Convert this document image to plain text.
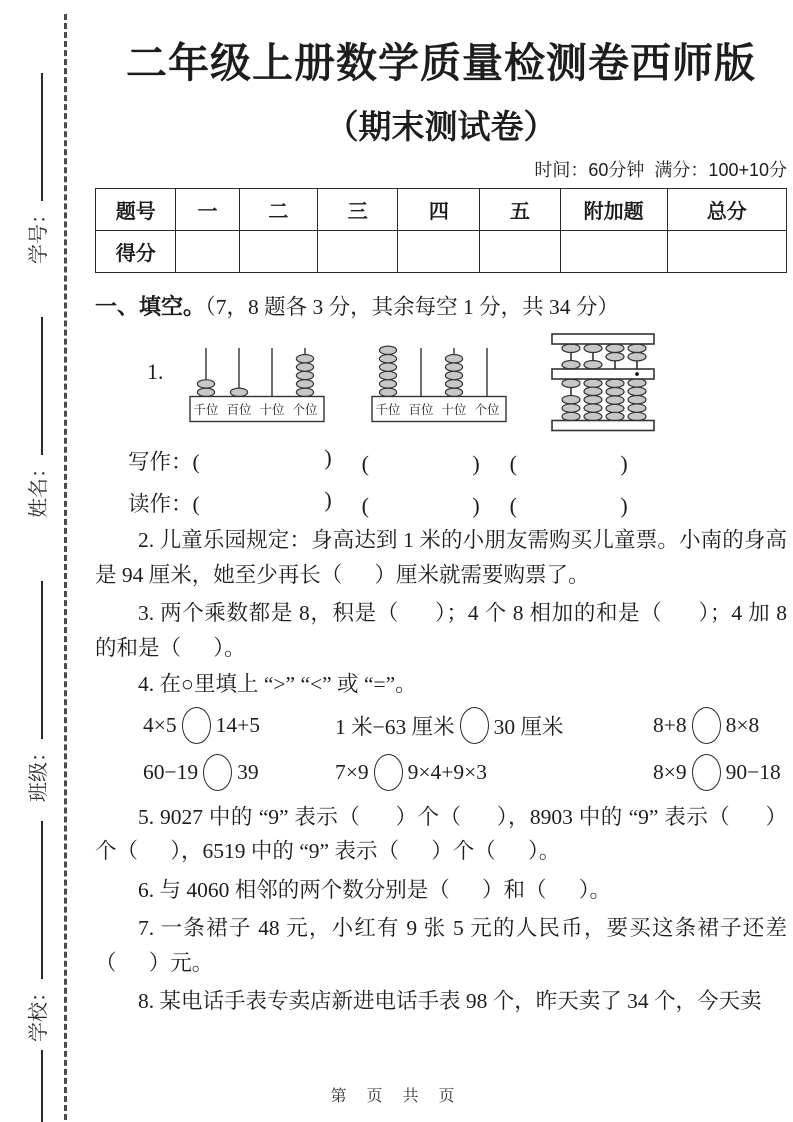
学号：
姓名：
班级：
学校：
二年级上册数学质量检测卷西师版
（期末测试卷）
时间：60分钟  满分：100+10分
题号	一	二	三	四	五	附加题	总分
得分							
一、填空。（7，8 题各 3 分，其余每空 1 分，共 34 分）
1.
千位 百位 十位 个位	千位 百位 十位 个位
写作：(	) (	) (	)
读作：(	) (	) (	)

2. 儿童乐园规定：身高达到 1 米的小朋友需购买儿童票。小南的身高是 94 厘米，她至少再长（      ）厘米就需要购票了。

3. 两个乘数都是 8，积是（      ）；4 个 8 相加的和是（      ）；4 加 8 的和是（      ）。

4. 在○里填上 “>” “<” 或 “=”。

4×5 14+5	1 米−63 厘米 30 厘米	8+8 8×8
60−19 39	7×9 9×4+9×3	8×9 90−18

5. 9027 中的 “9” 表示（      ）个（      ），8903 中的 “9” 表示（      ）个（      ），6519 中的 “9” 表示（      ）个（      ）。

6. 与 4060 相邻的两个数分别是（      ）和（      ）。

7. 一条裙子 48 元，小红有 9 张 5 元的人民币，要买这条裙子还差（      ）元。

8. 某电话手表专卖店新进电话手表 98 个，昨天卖了 34 个，今天卖

第 页 共 页
